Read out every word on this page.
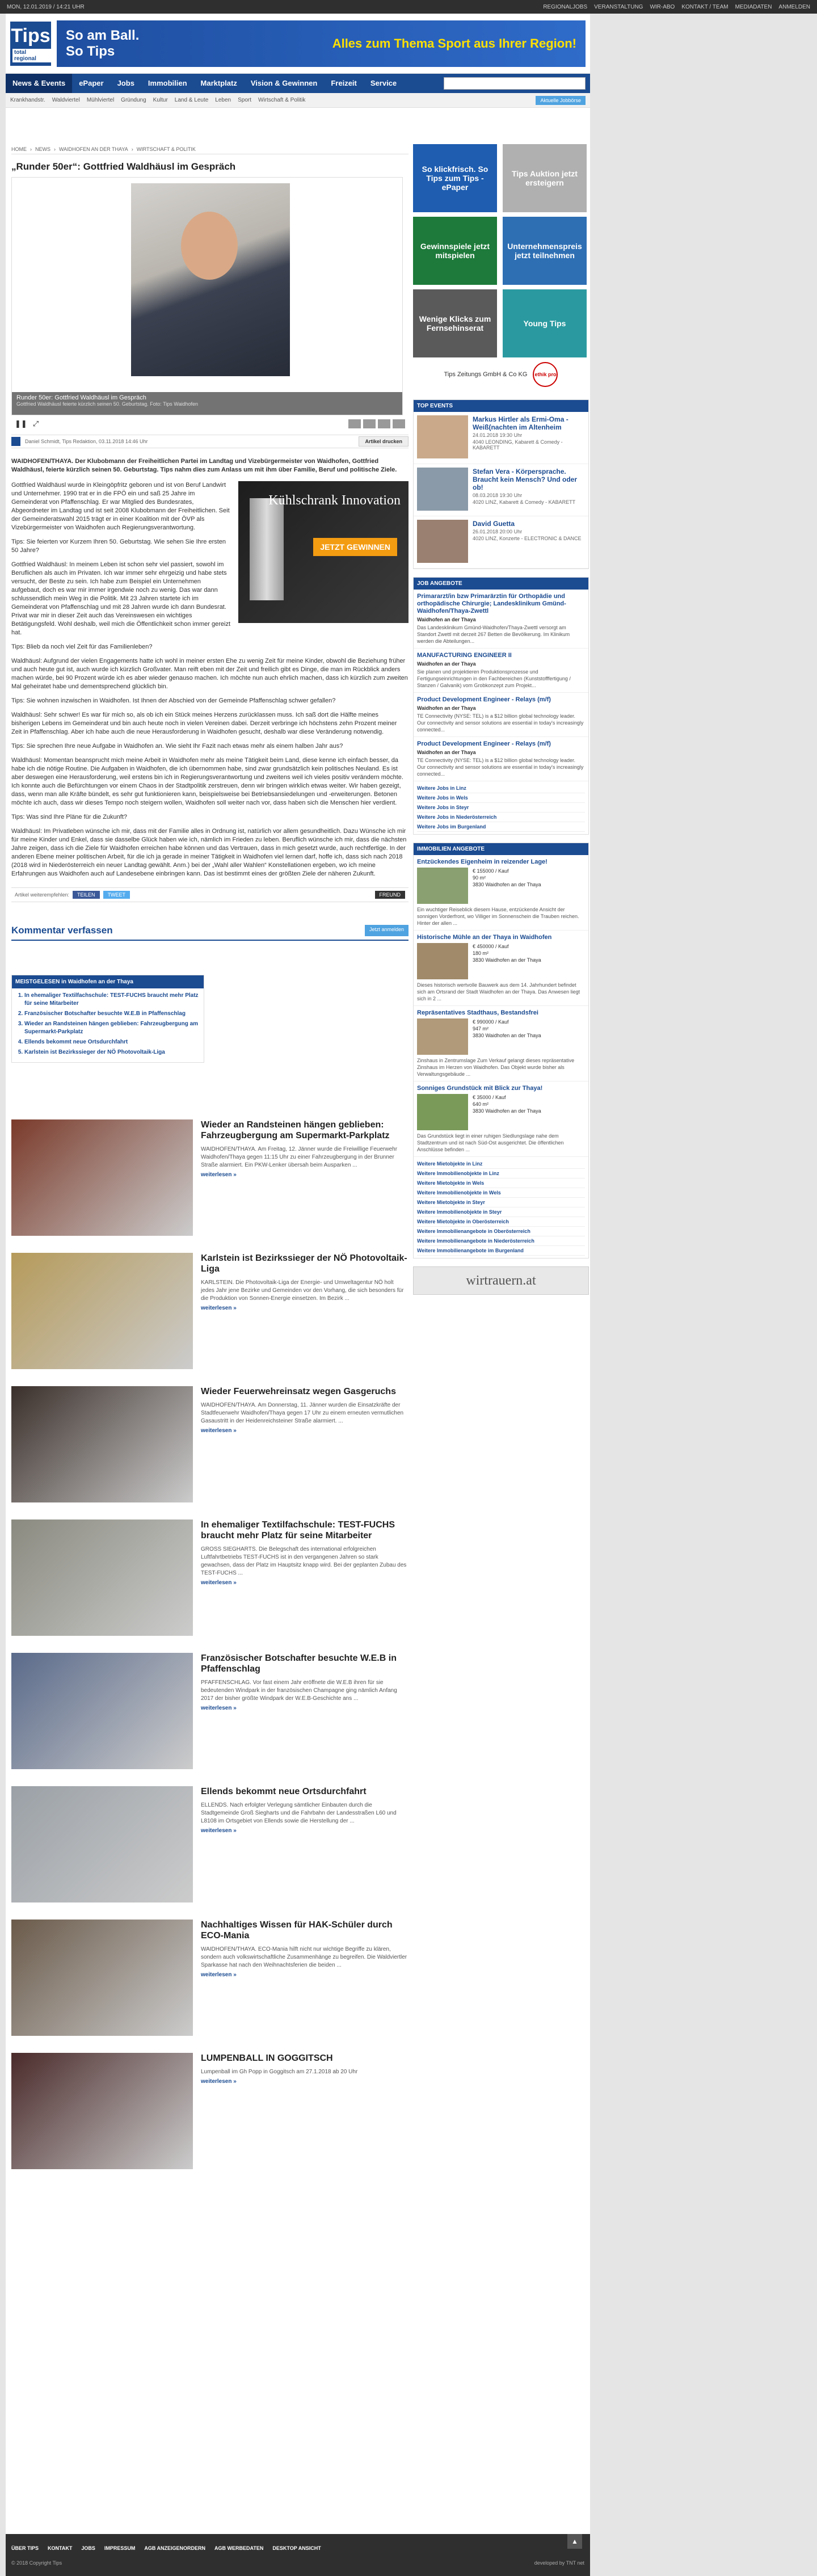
MON, 12.01.2019 / 14:21 UHR	REGIONALJOBS VERANSTALTUNG WIR-ABO KONTAKT / TEAM MEDIADATEN ANMELDEN
Tips
total regional
So am Ball.
So Tips
Alles zum Thema Sport aus Ihrer Region!
News & Events	ePaper	Jobs	Immobilien	Marktplatz	Vision & Gewinnen	Freizeit	Service	⚲
Krankhandstr. Waldviertel Mühlviertel Gründung Kultur Land & Leute Leben Sport Wirtschaft & Politik	Aktuelle Jobbörse
HOME › NEWS › WAIDHOFEN AN DER THAYA › WIRTSCHAFT & POLITIK
„Runder 50er“: Gottfried Waldhäusl im Gespräch
Runder 50er: Gottfried Waldhäusl im Gespräch
Gottfried Waldhäusl feierte kürzlich seinen 50. Geburtstag. Foto: Tips Waidhofen
❚❚ ⤢
Daniel Schmidt, Tips Redaktion, 03.11.2018 14:46 Uhr	Artikel drucken

WAIDHOFEN/THAYA. Der Klubobmann der Freiheitlichen Partei im Landtag und Vizebürgermeister von Waidhofen, Gottfried Waldhäusl, feierte kürzlich seinen 50. Geburtstag. Tips nahm dies zum Anlass um mit ihm über Familie, Beruf und politische Ziele.

Kühlschrank Innovation
JETZT GEWINNEN

Gottfried Waldhäusl wurde in Kleingöpfritz geboren und ist von Beruf Landwirt und Unternehmer. 1990 trat er in die FPÖ ein und saß 25 Jahre im Gemeinderat von Pfaffenschlag. Er war Mitglied des Bundesrates, Abgeordneter im Landtag und ist seit 2008 Klubobmann der Freiheitlichen. Seit der Gemeinderatswahl 2015 trägt er in einer Koalition mit der ÖVP als Vizebürgermeister von Waidhofen auch Regierungsverantwortung.

Tips: Sie feierten vor Kurzem Ihren 50. Geburtstag. Wie sehen Sie Ihre ersten 50 Jahre?

Gottfried Waldhäusl: In meinem Leben ist schon sehr viel passiert, sowohl im Beruflichen als auch im Privaten. Ich war immer sehr ehrgeizig und habe stets versucht, der Beste zu sein. Ich habe zum Beispiel ein Unternehmen aufgebaut, doch es war mir immer irgendwie noch zu wenig. Das war dann schlussendlich mein Weg in die Politik. Mit 23 Jahren startete ich im Gemeinderat von Pfaffenschlag und mit 28 Jahren wurde ich dann Bundesrat. Privat war mir in dieser Zeit auch das Vereinswesen ein wichtiges Betätigungsfeld. Wohl deshalb, weil mich die Öffentlichkeit schon immer gereizt hat.

Tips: Blieb da noch viel Zeit für das Familienleben?

Waldhäusl: Aufgrund der vielen Engagements hatte ich wohl in meiner ersten Ehe zu wenig Zeit für meine Kinder, obwohl die Beziehung früher und auch heute gut ist, auch wurde ich kürzlich Großvater. Man reift eben mit der Zeit und freilich gibt es Dinge, die man im Rückblick anders machen würde, bei 90 Prozent würde ich es aber wieder genauso machen. Ich möchte nun auch ehrlich machen, dass ich kürzlich zum zweiten Mal geheiratet habe und dementsprechend glücklich bin.

Tips: Sie wohnen inzwischen in Waidhofen. Ist Ihnen der Abschied von der Gemeinde Pfaffenschlag schwer gefallen?

Waldhäusl: Sehr schwer! Es war für mich so, als ob ich ein Stück meines Herzens zurücklassen muss. Ich saß dort die Hälfte meines bisherigen Lebens im Gemeinderat und bin auch heute noch in vielen Vereinen dabei. Derzeit verbringe ich höchstens zehn Prozent meiner Zeit in Pfaffenschlag. Aber ich habe auch die neue Herausforderung in Waidhofen gesucht, deshalb war diese Veränderung notwendig.

Tips: Sie sprechen Ihre neue Aufgabe in Waidhofen an. Wie sieht Ihr Fazit nach etwas mehr als einem halben Jahr aus?

Waldhäusl: Momentan beansprucht mich meine Arbeit in Waidhofen mehr als meine Tätigkeit beim Land, diese kenne ich einfach besser, da habe ich die nötige Routine. Die Aufgaben in Waidhofen, die ich übernommen habe, sind zwar grundsätzlich kein politisches Neuland. Es ist aber deswegen eine Herausforderung, weil erstens bin ich in Regierungsverantwortung und zweitens weil ich vieles positiv verändern möchte. Ich konnte auch die Befürchtungen vor einem Chaos in der Stadtpolitik zerstreuen, denn wir bringen wirklich etwas weiter. Wir haben gezeigt, dass, wenn man alle Kräfte bündelt, es sehr gut funktionieren kann, beispielsweise bei Betriebsansiedelungen und -erweiterungen. Betonen möchte ich auch, dass wir dieses Tempo noch steigern wollen, Waidhofen soll weiter nach vor, dass haben sich die Menschen hier verdient.

Tips: Was sind Ihre Pläne für die Zukunft?

Waldhäusl: Im Privatleben wünsche ich mir, dass mit der Familie alles in Ordnung ist, natürlich vor allem gesundheitlich. Dazu Wünsche ich mir für meine Kinder und Enkel, dass sie dasselbe Glück haben wie ich, nämlich im Frieden zu leben. Beruflich wünsche ich mir, dass die nächsten Jahre zeigen, dass ich die Ziele für Waidhofen erreichen habe können und das Vertrauen, dass in mich gesetzt wurde, auch rechtfertige. In der anderen Ebene meiner politischen Arbeit, für die ich ja gerade in meiner Tätigkeit in Waidhofen viel lernen darf, hoffe ich, dass sich nach 2018 (2018 wird in Niederösterreich ein neuer Landtag gewählt. Anm.) bei der „Wahl aller Wahlen“ Konstellationen ergeben, wo ich meine Erfahrungen aus Waidhofen auch auf Landesebene einbringen kann. Das ist bestimmt eines der größten Ziele der näheren Zukunft.

Artikel weiterempfehlen:	TEILEN	TWEET	FREUND
Kommentar verfassen	Jetzt anmelden
MEISTGELESEN in Waidhofen an der Thaya
1. In ehemaliger Textilfachschule: TEST-FUCHS braucht mehr Platz für seine Mitarbeiter
2. Französischer Botschafter besuchte W.E.B in Pfaffenschlag
3. Wieder an Randsteinen hängen geblieben: Fahrzeugbergung am Supermarkt-Parkplatz
4. Ellends bekommt neue Ortsdurchfahrt
5. Karlstein ist Bezirkssieger der NÖ Photovoltaik-Liga
Wieder an Randsteinen hängen geblieben: Fahrzeugbergung am Supermarkt-Parkplatz

WAIDHOFEN/THAYA. Am Freitag, 12. Jänner wurde die Freiwillige Feuerwehr Waidhofen/Thaya gegen 11:15 Uhr zu einer Fahrzeugbergung in der Brunner Straße alarmiert. Ein PKW-Lenker übersah beim Ausparken ...

weiterlesen »
Karlstein ist Bezirkssieger der NÖ Photovoltaik-Liga

KARLSTEIN. Die Photovoltaik-Liga der Energie- und Umweltagentur NÖ holt jedes Jahr jene Bezirke und Gemeinden vor den Vorhang, die sich besonders für die Produktion von Sonnen-Energie einsetzen. Im Bezirk ...

weiterlesen »
Wieder Feuerwehreinsatz wegen Gasgeruchs

WAIDHOFEN/THAYA. Am Donnerstag, 11. Jänner wurden die Einsatzkräfte der Stadtfeuerwehr Waidhofen/Thaya gegen 17 Uhr zu einem erneuten vermutlichen Gasaustritt in der Heidenreichsteiner Straße alarmiert. ...

weiterlesen »
In ehemaliger Textilfachschule: TEST-FUCHS braucht mehr Platz für seine Mitarbeiter

GROSS SIEGHARTS. Die Belegschaft des international erfolgreichen Luftfahrtbetriebs TEST-FUCHS ist in den vergangenen Jahren so stark gewachsen, dass der Platz im Hauptsitz knapp wird. Bei der geplanten Zubau des TEST-FUCHS ...

weiterlesen »
Französischer Botschafter besuchte W.E.B in Pfaffenschlag

PFAFFENSCHLAG. Vor fast einem Jahr eröffnete die W.E.B ihren für sie bedeutenden Windpark in der französischen Champagne ging nämlich Anfang 2017 der bisher größte Windpark der W.E.B-Geschichte ans ...

weiterlesen »
Ellends bekommt neue Ortsdurchfahrt

ELLENDS. Nach erfolgter Verlegung sämtlicher Einbauten durch die Stadtgemeinde Groß Siegharts und die Fahrbahn der Landesstraßen L60 und L8108 im Ortsgebiet von Ellends sowie die Herstellung der ...

weiterlesen »
Nachhaltiges Wissen für HAK-Schüler durch ECO-Mania

WAIDHOFEN/THAYA. ECO-Mania hilft nicht nur wichtige Begriffe zu klären, sondern auch volkswirtschaftliche Zusammenhänge zu begreifen. Die Waldviertler Sparkasse hat nach den Weihnachtsferien die beiden ...

weiterlesen »
LUMPENBALL IN GOGGITSCH

Lumpenball im Gh Popp in Goggitsch am 27.1.2018 ab 20 Uhr

weiterlesen »
So klickfrisch. So Tips zum Tips - ePaper
Tips Auktion jetzt ersteigern
Gewinnspiele jetzt mitspielen
Unternehmenspreis jetzt teilnehmen
Wenige Klicks zum Fernsehinserat	Young Tips
Tips Zeitungs GmbH & Co KG	ethik pro
TOP EVENTS
Markus Hirtler als Ermi-Oma - Weiß(nachten im Altenheim
24.01.2018 19:30 Uhr
4040 LEONDING, Kabarett & Comedy - KABARETT
Stefan Vera - Körpersprache. Braucht kein Mensch? Und oder ob!
08.03.2018 19:30 Uhr
4020 LINZ, Kabarett & Comedy - KABARETT
David Guetta
26.01.2018 20:00 Uhr
4020 LINZ, Konzerte - ELECTRONIC & DANCE
JOB ANGEBOTE
Primararzt/in bzw Primarärztin für Orthopädie und orthopädische Chirurgie; Landesklinikum Gmünd-Waidhofen/Thaya-Zwettl
Waidhofen an der Thaya
Das Landesklinikum Gmünd-Waidhofen/Thaya-Zwettl versorgt am Standort Zwettl mit derzeit 267 Betten die Bevölkerung. Im Klinikum werden die Abteilungen...
MANUFACTURING ENGINEER II
Waidhofen an der Thaya
Sie planen und projektieren Produktionsprozesse und Fertigungseinrichtungen in den Fachbereichen (Kunststofffertigung / Stanzen / Galvanik) vom Grobkonzept zum Projekt...
Product Development Engineer - Relays (m/f)
Waidhofen an der Thaya
TE Connectivity (NYSE: TEL) is a $12 billion global technology leader. Our connectivity and sensor solutions are essential in today's increasingly connected...
Product Development Engineer - Relays (m/f)
Waidhofen an der Thaya
TE Connectivity (NYSE: TEL) is a $12 billion global technology leader. Our connectivity and sensor solutions are essential in today's increasingly connected...
Weitere Jobs in Linz
Weitere Jobs in Wels
Weitere Jobs in Steyr
Weitere Jobs in Niederösterreich
Weitere Jobs im Burgenland
IMMOBILIEN ANGEBOTE
Entzückendes Eigenheim in reizender Lage!
€ 155000 / Kauf
90 m²
3830 Waidhofen an der Thaya
Ein wuchtiger Reiseblick diesem Hause, entzückende Ansicht der sonnigen Vorderfront, wo Villiger im Sonnenschein die Trauben reichen. Hinter der allen ...
Historische Mühle an der Thaya in Waidhofen
€ 450000 / Kauf
180 m²
3830 Waidhofen an der Thaya
Dieses historisch wertvolle Bauwerk aus dem 14. Jahrhundert befindet sich am Ortsrand der Stadt Waidhofen an der Thaya. Das Anwesen liegt sich in 2 ...
Repräsentatives Stadthaus, Bestandsfrei
€ 990000 / Kauf
947 m²
3830 Waidhofen an der Thaya
Zinshaus in Zentrumslage Zum Verkauf gelangt dieses repräsentative Zinshaus im Herzen von Waidhofen. Das Objekt wurde bisher als Verwaltungsgebäude ...
Sonniges Grundstück mit Blick zur Thaya!
€ 35000 / Kauf
640 m²
3830 Waidhofen an der Thaya
Das Grundstück liegt in einer ruhigen Siedlungslage nahe dem Stadtzentrum und ist nach Süd-Ost ausgerichtet. Die öffentlichen Anschlüsse befinden ...
Weitere Mietobjekte in Linz
Weitere Immobilienobjekte in Linz
Weitere Mietobjekte in Wels
Weitere Immobilienobjekte in Wels
Weitere Mietobjekte in Steyr
Weitere Immobilienobjekte in Steyr
Weitere Mietobjekte in Oberösterreich
Weitere Immobilienangebote in Oberösterreich
Weitere Immobilienangebote in Niederösterreich
Weitere Immobilienangebote im Burgenland
wirtrauern.at
ÜBER TIPS KONTAKT JOBS IMPRESSUM AGB ANZEIGENORDERN AGB WERBEDATEN DESKTOP ANSICHT
© 2018 Copyright Tips	developed by TNT net
▲
